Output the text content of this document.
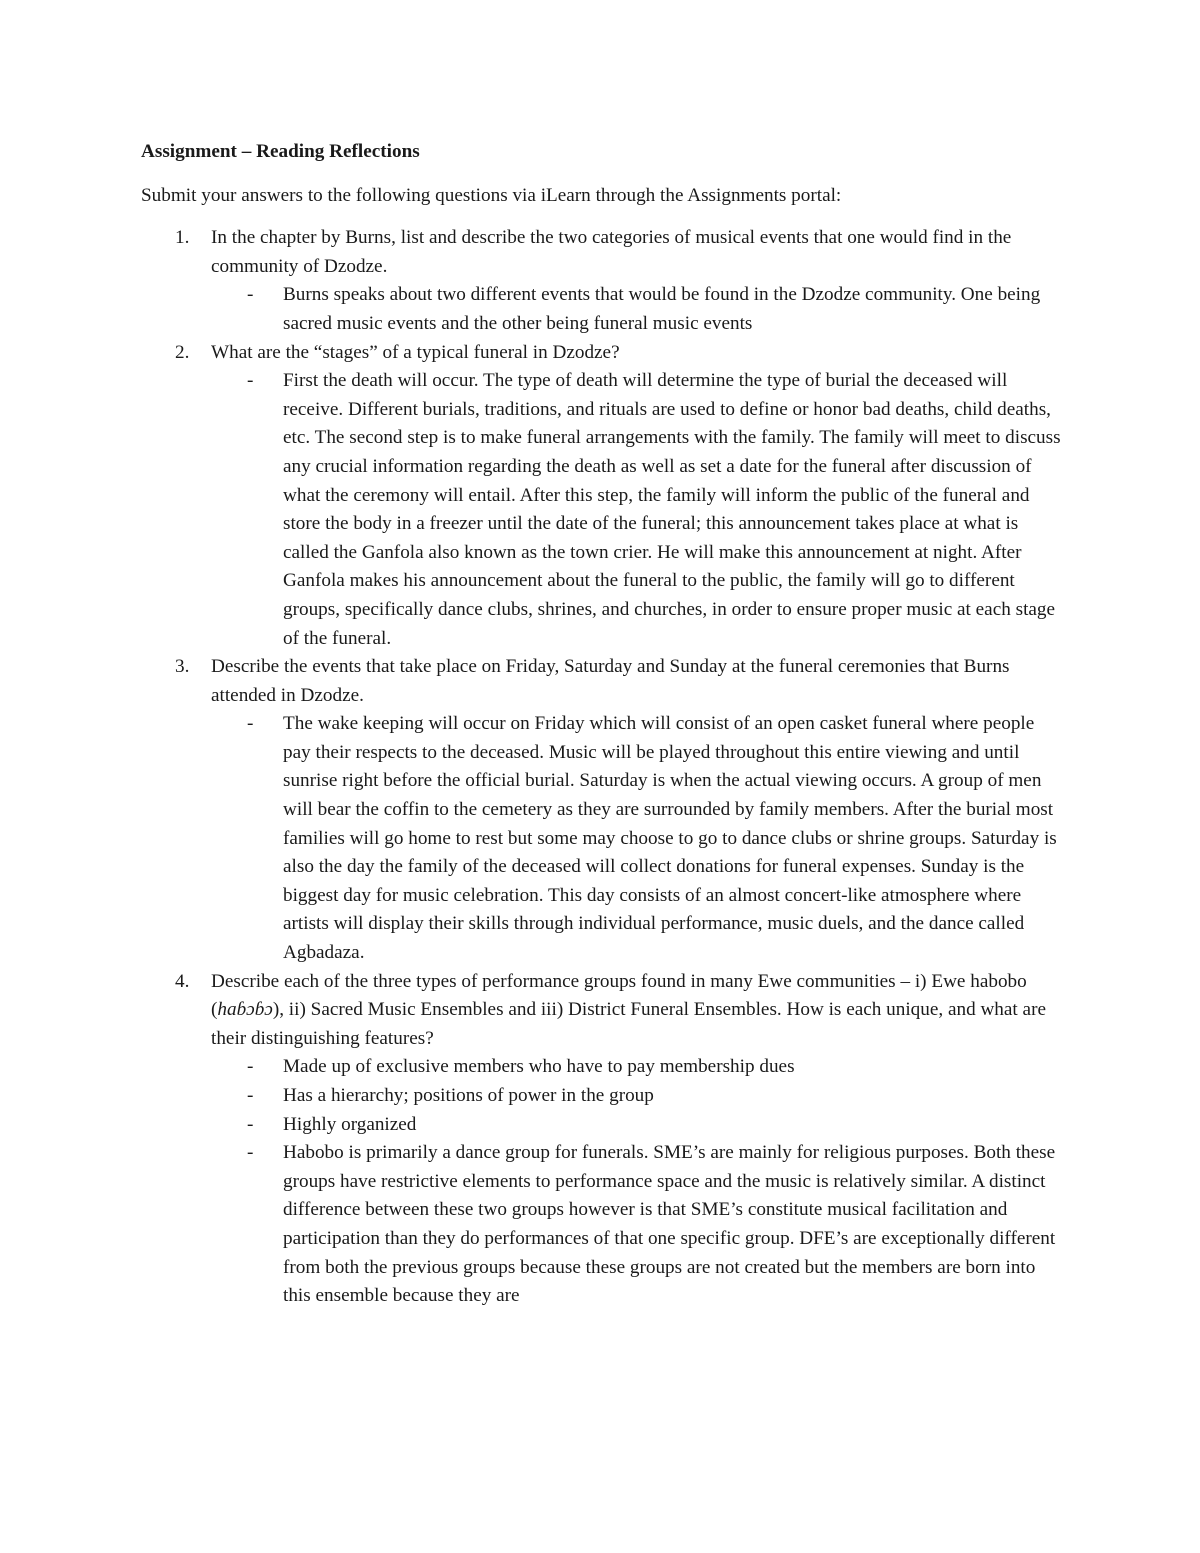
Assignment – Reading Reflections

Submit your answers to the following questions via iLearn through the Assignments portal:

1. In the chapter by Burns, list and describe the two categories of musical events that one would find in the community of Dzodze.
- Burns speaks about two different events that would be found in the Dzodze community. One being sacred music events and the other being funeral music events
2. What are the “stages” of a typical funeral in Dzodze?
- First the death will occur. The type of death will determine the type of burial the deceased will receive. Different burials, traditions, and rituals are used to define or honor bad deaths, child deaths, etc. The second step is to make funeral arrangements with the family. The family will meet to discuss any crucial information regarding the death as well as set a date for the funeral after discussion of what the ceremony will entail. After this step, the family will inform the public of the funeral and store the body in a freezer until the date of the funeral; this announcement takes place at what is called the Ganfola also known as the town crier. He will make this announcement at night. After Ganfola makes his announcement about the funeral to the public, the family will go to different groups, specifically dance clubs, shrines, and churches, in order to ensure proper music at each stage of the funeral.
3. Describe the events that take place on Friday, Saturday and Sunday at the funeral ceremonies that Burns attended in Dzodze.
- The wake keeping will occur on Friday which will consist of an open casket funeral where people pay their respects to the deceased. Music will be played throughout this entire viewing and until sunrise right before the official burial. Saturday is when the actual viewing occurs. A group of men will bear the coffin to the cemetery as they are surrounded by family members. After the burial most families will go home to rest but some may choose to go to dance clubs or shrine groups. Saturday is also the day the family of the deceased will collect donations for funeral expenses. Sunday is the biggest day for music celebration. This day consists of an almost concert-like atmosphere where artists will display their skills through individual performance, music duels, and the dance called Agbadaza.
4. Describe each of the three types of performance groups found in many Ewe communities – i) Ewe habobo (haɓɔɓɔ), ii) Sacred Music Ensembles and iii) District Funeral Ensembles. How is each unique, and what are their distinguishing features?
- Made up of exclusive members who have to pay membership dues
- Has a hierarchy; positions of power in the group
- Highly organized
- Habobo is primarily a dance group for funerals. SME’s are mainly for religious purposes. Both these groups have restrictive elements to performance space and the music is relatively similar. A distinct difference between these two groups however is that SME’s constitute musical facilitation and participation than they do performances of that one specific group. DFE’s are exceptionally different from both the previous groups because these groups are not created but the members are born into this ensemble because they are
